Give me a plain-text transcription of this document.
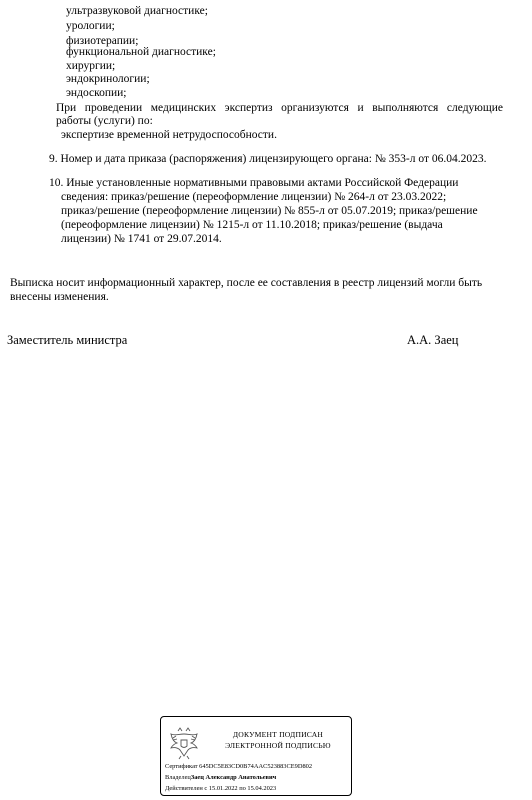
ультразвуковой диагностике;
урологии;
физиотерапии;
функциональной диагностике;
хирургии;
эндокринологии;
эндоскопии;
При проведении медицинских экспертиз организуются и выполняются следующие
работы (услуги) по:
экспертизе временной нетрудоспособности.
9. Номер и дата приказа (распоряжения) лицензирующего органа: № 353-л от 06.04.2023.
10. Иные установленные нормативными правовыми актами Российской Федерации
сведения: приказ/решение (переоформление лицензии) № 264-л от 23.03.2022;
приказ/решение (переоформление лицензии) № 855-л от 05.07.2019; приказ/решение
(переоформление лицензии) № 1215-л от 11.10.2018; приказ/решение (выдача
лицензии) № 1741 от 29.07.2014.
Выписка носит информационный характер, после ее составления в реестр лицензий могли быть
внесены изменения.
Заместитель министра	А.А. Заец
ДОКУМЕНТ ПОДПИСАН
ЭЛЕКТРОННОЙ ПОДПИСЬЮ
Сертификат 645DC5E83CD0B74AAC523883CE9D802
ВладелецЗаец Александр Анатольевич
Действителен с 15.01.2022 по 15.04.2023
